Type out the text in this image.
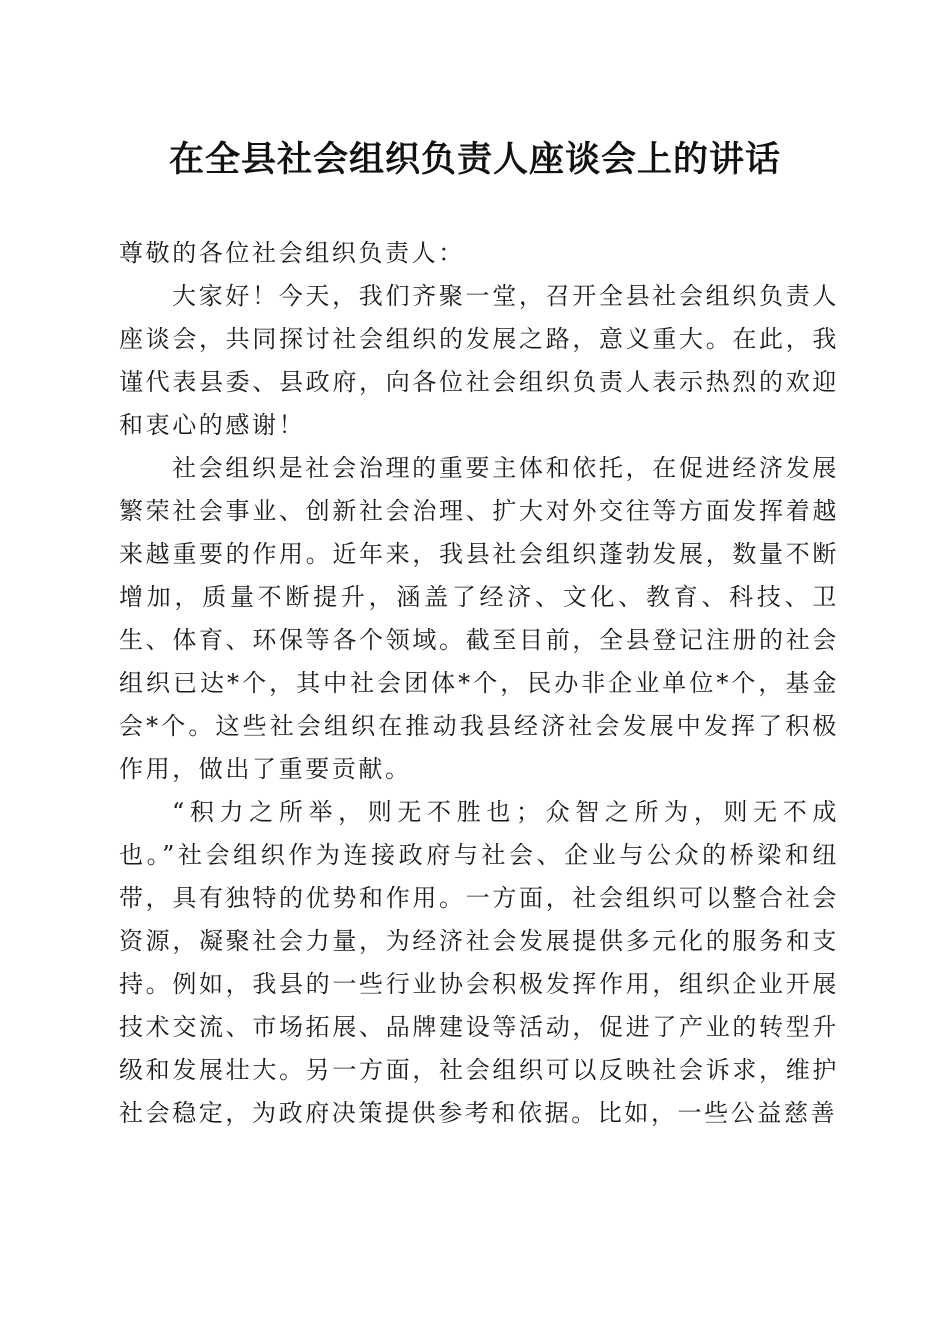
在全县社会组织负责人座谈会上的讲话

尊敬的各位社会组织负责人：

大家好！今天，我们齐聚一堂，召开全县社会组织负责人座谈会，共同探讨社会组织的发展之路，意义重大。在此，我谨代表县委、县政府，向各位社会组织负责人表示热烈的欢迎和衷心的感谢！

社会组织是社会治理的重要主体和依托，在促进经济发展繁荣社会事业、创新社会治理、扩大对外交往等方面发挥着越来越重要的作用。近年来，我县社会组织蓬勃发展，数量不断增加，质量不断提升，涵盖了经济、文化、教育、科技、卫生、体育、环保等各个领域。截至目前，全县登记注册的社会组织已达*个，其中社会团体*个，民办非企业单位*个，基金会*个。这些社会组织在推动我县经济社会发展中发挥了积极作用，做出了重要贡献。

“积力之所举，则无不胜也；众智之所为，则无不成也。”社会组织作为连接政府与社会、企业与公众的桥梁和纽带，具有独特的优势和作用。一方面，社会组织可以整合社会资源，凝聚社会力量，为经济社会发展提供多元化的服务和支持。例如，我县的一些行业协会积极发挥作用，组织企业开展技术交流、市场拓展、品牌建设等活动，促进了产业的转型升级和发展壮大。另一方面，社会组织可以反映社会诉求，维护社会稳定，为政府决策提供参考和依据。比如，一些公益慈善
